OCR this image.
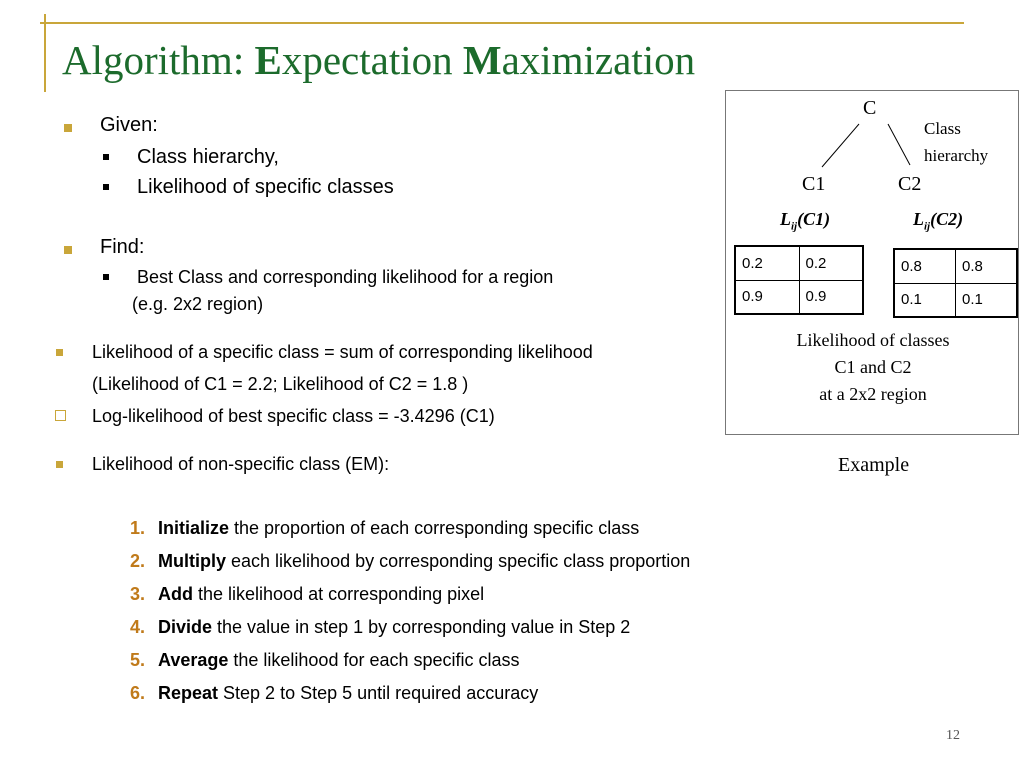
Algorithm: Expectation Maximization
Given:
Class hierarchy,
Likelihood of specific classes
Find:
Best Class and corresponding likelihood for a region
(e.g. 2x2 region)
Likelihood of a specific class = sum of corresponding likelihood
(Likelihood of C1 = 2.2; Likelihood of C2 = 1.8 )
Log-likelihood of best specific class = -3.4296 (C1)
Likelihood of non-specific class (EM):
C
Class
hierarchy
C1	C2
$L_{ij}(C1)$	$L_{ij}(C2)$
0.2	0.2
0.9	0.9
0.8	0.8
0.1	0.1
Likelihood of classes
C1 and C2
at a 2x2 region
Example
1. Initialize the proportion of each corresponding specific class
2. Multiply each likelihood by corresponding specific class proportion
3. Add the likelihood at corresponding pixel
4. Divide the value in step 1 by corresponding value in Step 2
5. Average the likelihood for each specific class
6. Repeat Step 2 to Step 5 until required accuracy
12
